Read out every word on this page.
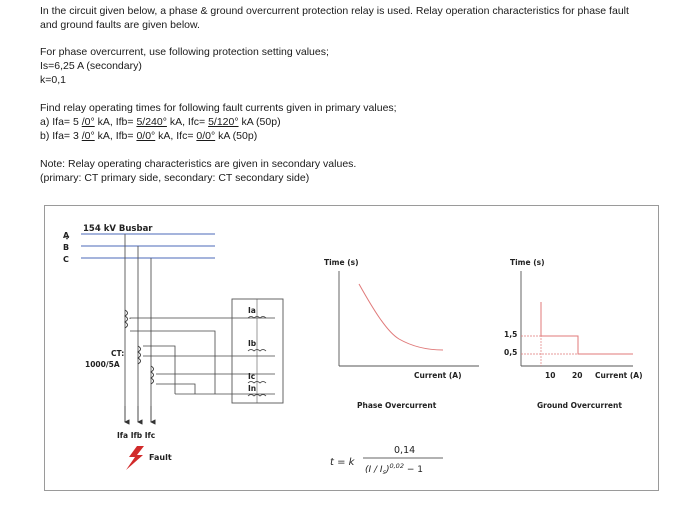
In the circuit given below, a phase & ground overcurrent protection relay is used. Relay operation characteristics for phase fault
and ground faults are given below.
For phase overcurrent, use following protection setting values;
Is=6,25 A (secondary)
k=0,1
Find relay operating times for following fault currents given in primary values;
a) Ifa= 5 /0° kA, Ifb= 5/240° kA, Ifc= 5/120° kA (50p)
b) Ifa= 3 /0° kA, Ifb= 0/0° kA, Ifc= 0/0° kA (50p)
Note: Relay operating characteristics are given in secondary values.
(primary: CT primary side, secondary: CT secondary side)
154 kV Busbar
A
B
C
CT:
1000/5A
Ia
Ib
Ic
In
Ifa Ifb Ifc
Fault
Time (s)
Current (A)
Phase Overcurrent
Time (s)
1,5
0,5
10 20 Current (A)
Ground Overcurrent
t = k
0,14
$(I / I_s)^{0,02} - 1$
